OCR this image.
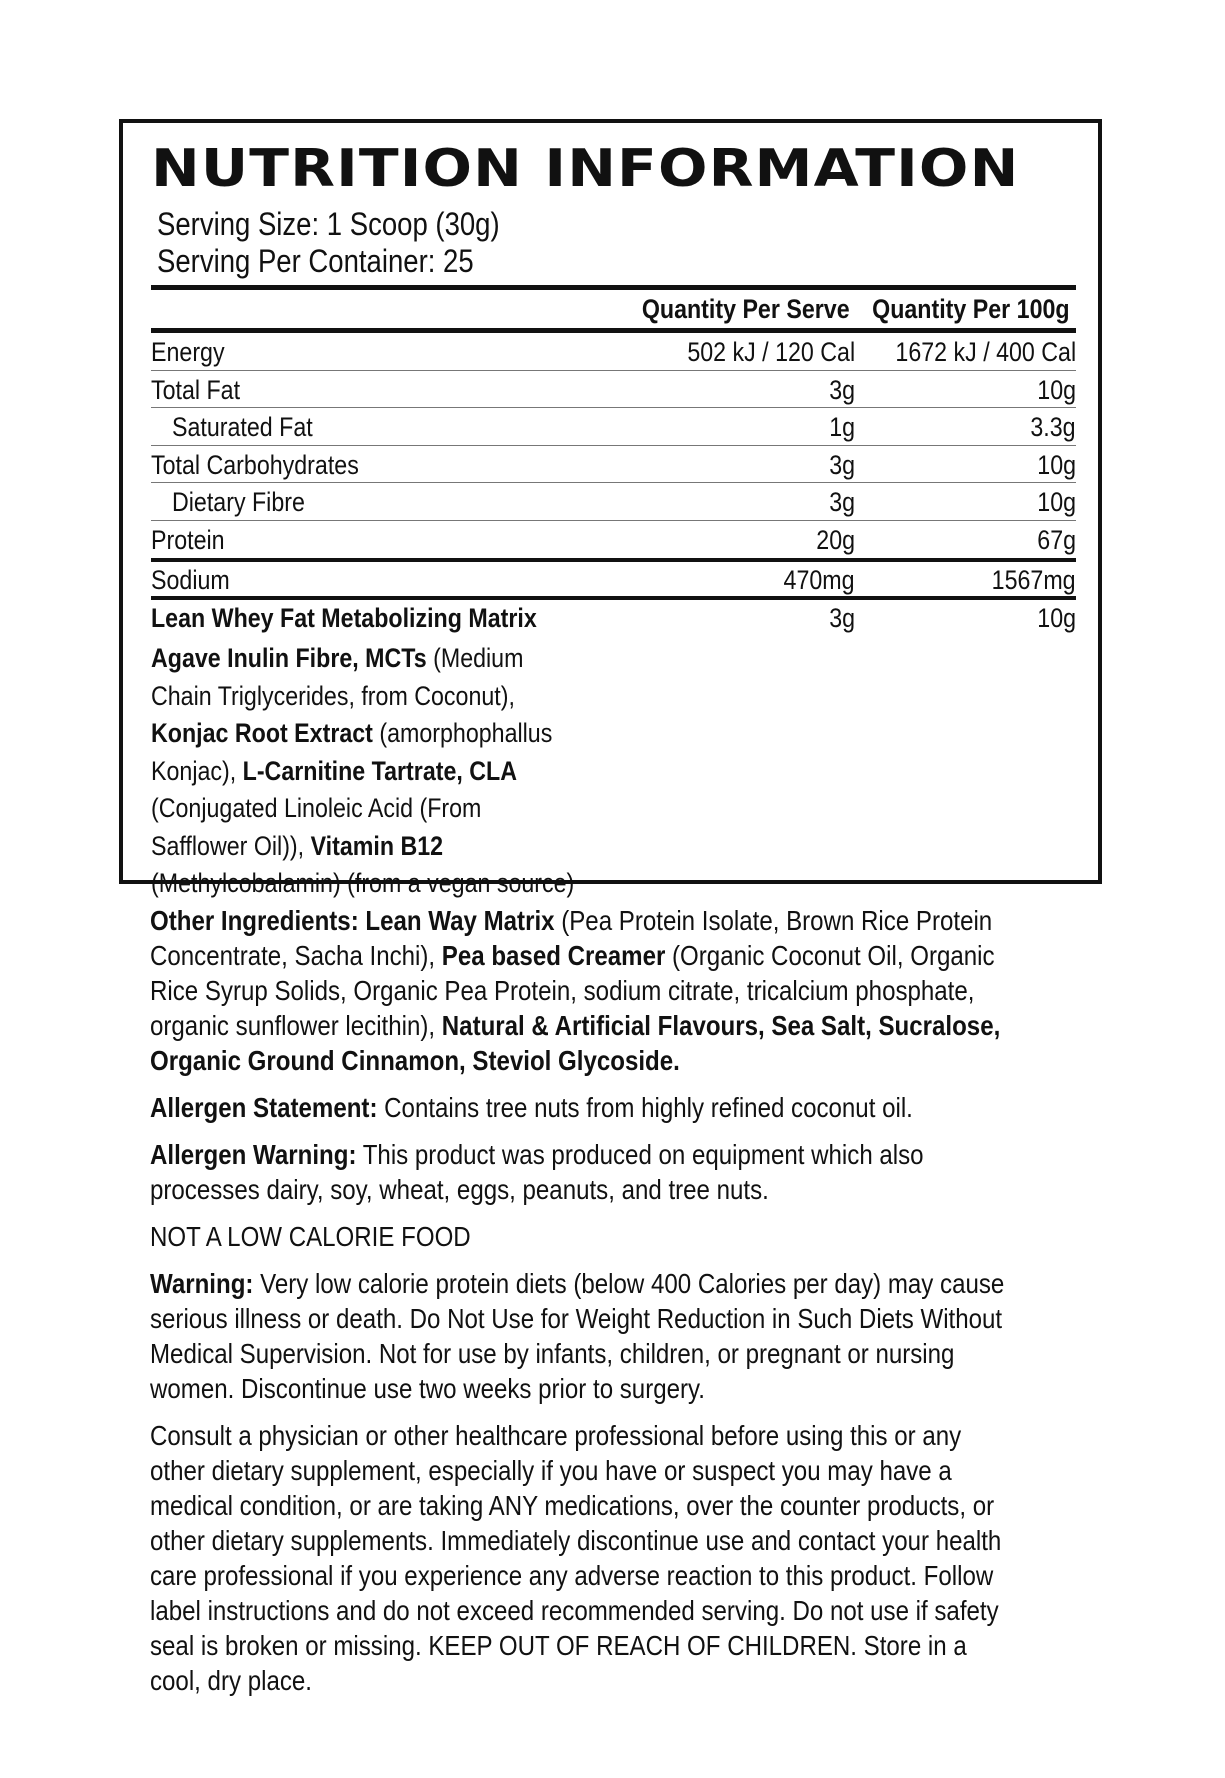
NUTRITION INFORMATION
Serving Size: 1 Scoop (30g)
Serving Per Container: 25
Quantity Per Serve Quantity Per 100g
Energy	502 kJ / 120 Cal 1672 kJ / 400 Cal
Total Fat	3g	10g
Saturated Fat	1g	3.3g
Total Carbohydrates	3g	10g
Dietary Fibre	3g	10g
Protein	20g	67g
Sodium	470mg	1567mg
Lean Whey Fat Metabolizing Matrix	3g	10g
Agave Inulin Fibre, MCTs (Medium Chain Triglycerides, from Coconut), Konjac Root Extract (amorphophallus Konjac), L-Carnitine Tartrate, CLA (Conjugated Linoleic Acid (From Safflower Oil)), Vitamin B12 (Methylcobalamin) (from a vegan source)

Other Ingredients: Lean Way Matrix (Pea Protein Isolate, Brown Rice Protein Concentrate, Sacha Inchi), Pea based Creamer (Organic Coconut Oil, Organic Rice Syrup Solids, Organic Pea Protein, sodium citrate, tricalcium phosphate, organic sunflower lecithin), Natural & Artificial Flavours, Sea Salt, Sucralose, Organic Ground Cinnamon, Steviol Glycoside.

Allergen Statement: Contains tree nuts from highly refined coconut oil.

Allergen Warning: This product was produced on equipment which also processes dairy, soy, wheat, eggs, peanuts, and tree nuts.

NOT A LOW CALORIE FOOD

Warning: Very low calorie protein diets (below 400 Calories per day) may cause serious illness or death. Do Not Use for Weight Reduction in Such Diets Without Medical Supervision. Not for use by infants, children, or pregnant or nursing women. Discontinue use two weeks prior to surgery.

Consult a physician or other healthcare professional before using this or any other dietary supplement, especially if you have or suspect you may have a medical condition, or are taking ANY medications, over the counter products, or other dietary supplements. Immediately discontinue use and contact your health care professional if you experience any adverse reaction to this product. Follow label instructions and do not exceed recommended serving. Do not use if safety seal is broken or missing. KEEP OUT OF REACH OF CHILDREN. Store in a cool, dry place.
